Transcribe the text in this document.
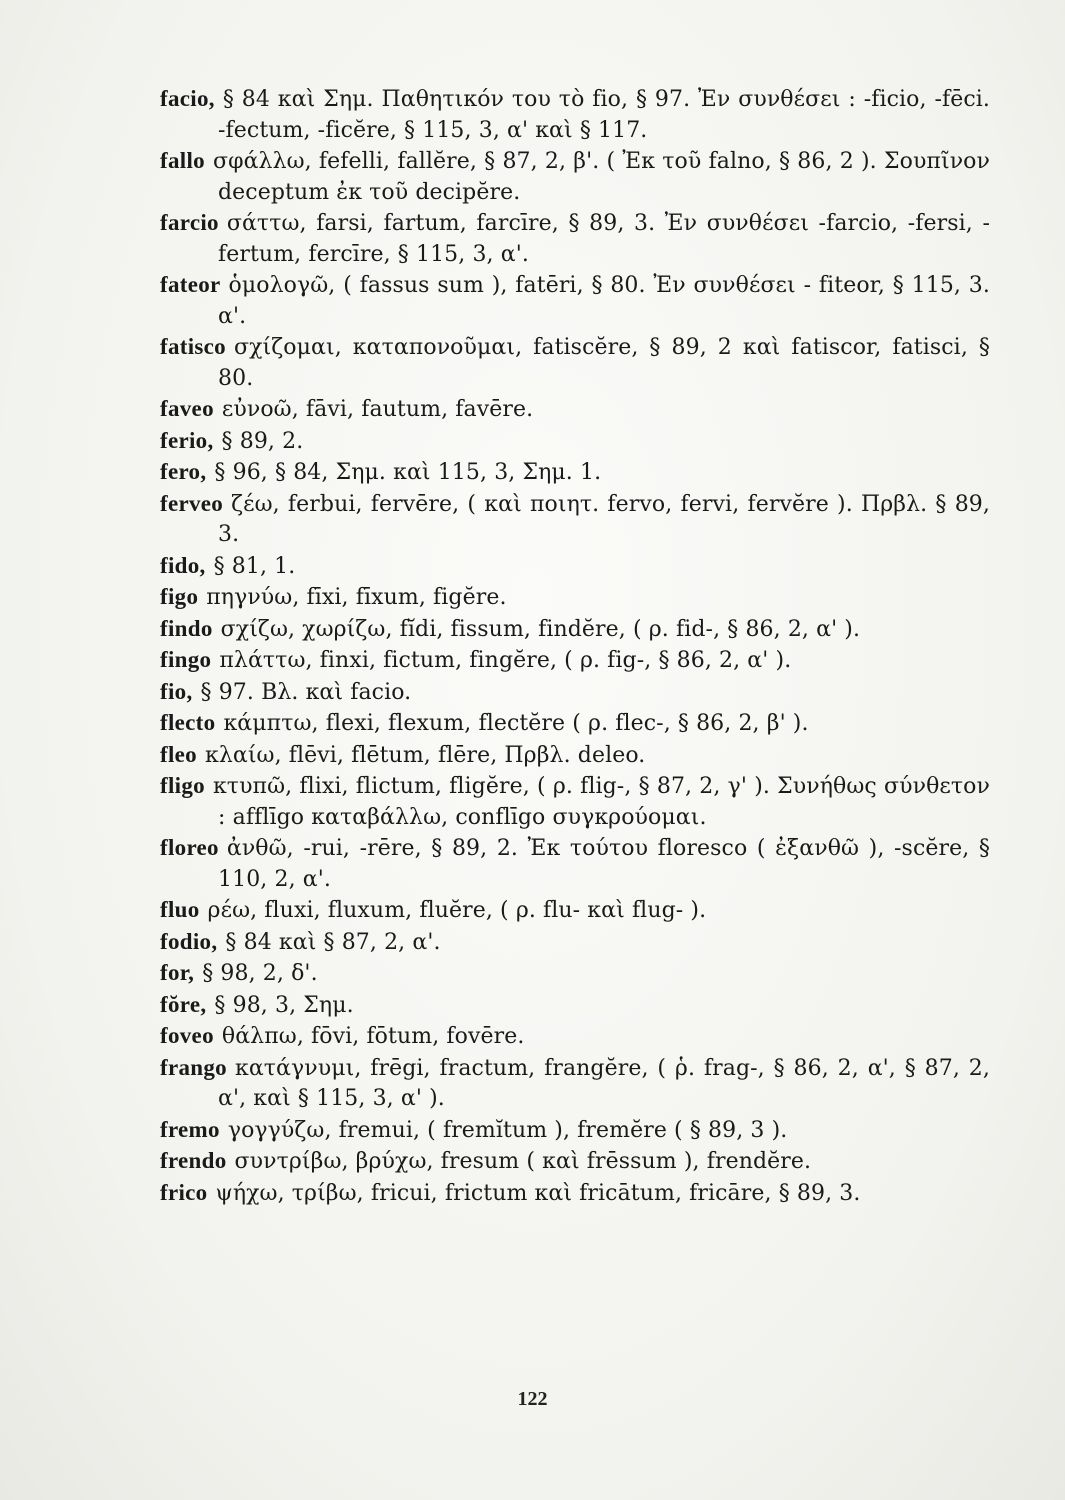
facio, § 84 καὶ Σημ. Παθητικόν του τὸ fio, § 97. Ἐν συνθέσει : -ficio, -fēci. -fectum, -ficĕre, § 115, 3, α' καὶ § 117.

fallo σφάλλω, fefelli, fallĕre, § 87, 2, β'. ( Ἐκ τοῦ falno, § 86, 2 ). Σουπῖνον deceptum ἐκ τοῦ decipĕre.

farcio σάττω, farsi, fartum, farcīre, § 89, 3. Ἐν συνθέσει -farcio, -fersi, -fertum, fercīre, § 115, 3, α'.

fateor ὁμολογῶ, ( fassus sum ), fatēri, § 80. Ἐν συνθέσει - fiteor, § 115, 3. α'.

fatisco σχίζομαι, καταπονοῦμαι, fatiscĕre, § 89, 2 καὶ fatiscor, fatisci, § 80.

faveo εὐνοῶ, fāvi, fautum, favēre.

ferio, § 89, 2.

fero, § 96, § 84, Σημ. καὶ 115, 3, Σημ. 1.

ferveo ζέω, ferbui, fervēre, ( καὶ ποιητ. fervo, fervi, fervĕre ). Πρβλ. § 89, 3.

fido, § 81, 1.

figo πηγνύω, fīxi, fīxum, figĕre.

findo σχίζω, χωρίζω, fĭdi, fissum, findĕre, ( ρ. fid-, § 86, 2, α' ).

fingo πλάττω, finxi, fictum, fingĕre, ( ρ. fig-, § 86, 2, α' ).

fio, § 97. Βλ. καὶ facio.

flecto κάμπτω, flexi, flexum, flectĕre ( ρ. flec-, § 86, 2, β' ).

fleo κλαίω, flēvi, flētum, flēre, Πρβλ. deleo.

fligo κτυπῶ, flixi, flictum, fligĕre, ( ρ. flig-, § 87, 2, γ' ). Συνήθως σύνθετον : afflīgo καταβάλλω, conflīgo συγκρούομαι.

floreo ἀνθῶ, -rui, -rēre, § 89, 2. Ἐκ τούτου floresco ( ἐξανθῶ ), -scĕre, § 110, 2, α'.

fluo ρέω, fluxi, fluxum, fluĕre, ( ρ. flu- καὶ flug- ).

fodio, § 84 καὶ § 87, 2, α'.

for, § 98, 2, δ'.

fŏre, § 98, 3, Σημ.

foveo θάλπω, fōvi, fōtum, fovēre.

frango κατάγνυμι, frēgi, fractum, frangĕre, ( ῥ. frag-, § 86, 2, α', § 87, 2, α', καὶ § 115, 3, α' ).

fremo γογγύζω, fremui, ( fremĭtum ), fremĕre ( § 89, 3 ).

frendo συντρίβω, βρύχω, fresum ( καὶ frēssum ), frendĕre.

frico ψήχω, τρίβω, fricui, frictum καὶ fricātum, fricāre, § 89, 3.

122
